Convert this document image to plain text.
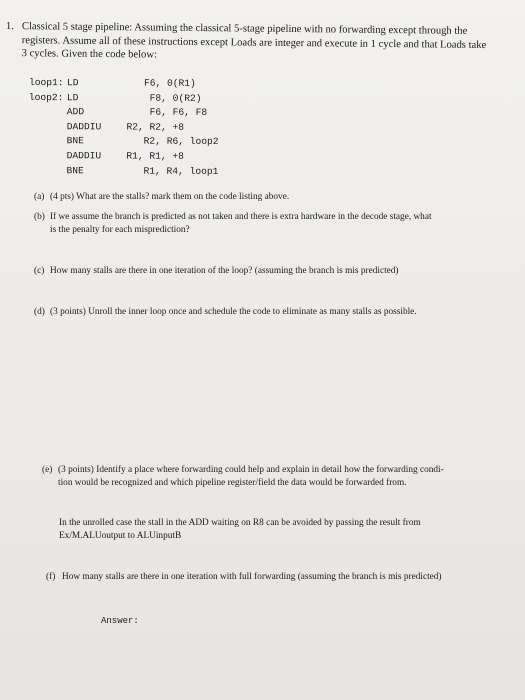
1. Classical 5 stage pipeline: Assuming the classical 5-stage pipeline with no forwarding except through the
registers. Assume all of these instructions except Loads are integer and execute in 1 cycle and that Loads take
3 cycles. Given the code below:
loop1: LD	F6, 0(R1)
loop2: LD	F8, 0(R2)
ADD	F6, F6, F8
DADDIU	R2, R2, +8
BNE	R2, R6, loop2
DADDIU	R1, R1, +8
BNE	R1, R4, loop1
(a) (4 pts) What are the stalls? mark them on the code listing above.
(b) If we assume the branch is predicted as not taken and there is extra hardware in the decode stage, what
is the penalty for each misprediction?
(c) How many stalls are there in one iteration of the loop? (assuming the branch is mis predicted)
(d) (3 points) Unroll the inner loop once and schedule the code to eliminate as many stalls as possible.
(e) (3 points) Identify a place where forwarding could help and explain in detail how the forwarding condi-
tion would be recognized and which pipeline register/field the data would be forwarded from.
In the unrolled case the stall in the ADD waiting on R8 can be avoided by passing the result from
Ex/M.ALUoutput to ALUinputB
(f) How many stalls are there in one iteration with full forwarding (assuming the branch is mis predicted)
Answer:
